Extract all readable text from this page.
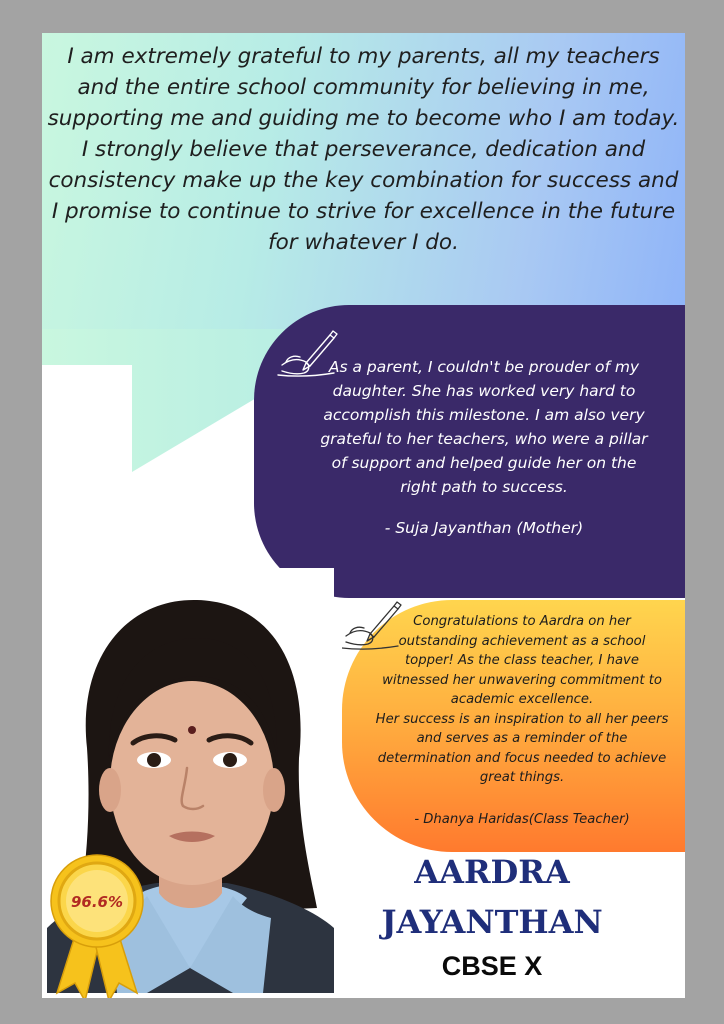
I am extremely grateful to my parents, all my teachers
and the entire school community for believing in me,
supporting me and guiding me to become who I am today.
I strongly believe that perseverance, dedication and
consistency make up the key combination for success and
I promise to continue to strive for excellence in the future
for whatever I do.

As a parent, I couldn't be prouder of my
daughter. She has worked very hard to
accomplish this milestone. I am also very
grateful to her teachers, who were a pillar
of support and helped guide her on the
right path to success.

- Suja Jayanthan (Mother)

Congratulations to Aardra on her
outstanding achievement as a school
topper! As the class teacher, I have
witnessed her unwavering commitment to
academic excellence.
Her success is an inspiration to all her peers
and serves as a reminder of the
determination and focus needed to achieve
great things.

- Dhanya Haridas(Class Teacher)

96.6%

AARDRA

JAYANTHAN

CBSE X
